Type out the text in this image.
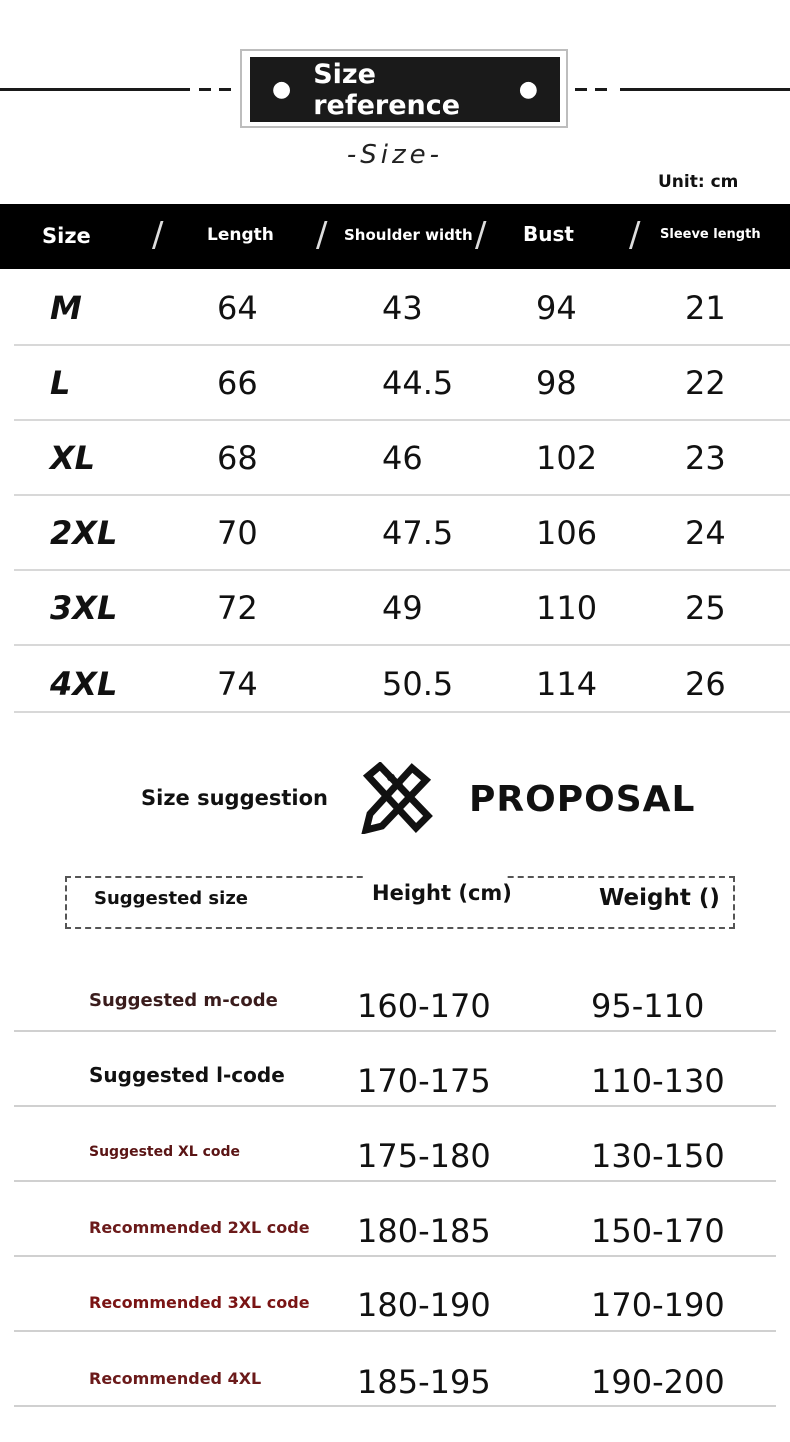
● Size reference	●
-Size-
Unit: cm
Size /	Length / Shoulder width / Bust / Sleeve length
M	64	43	94	21
L	66	44.5	98	22
XL	68	46	102	23
2XL	70	47.5	106	24
3XL	72	49	110	25
4XL	74	50.5	114	26
Size suggestion	PROPOSAL
Suggested size	Height (cm)	Weight ()
Suggested m-code 160-170	95-110
Suggested l-code 170-175	110-130
Suggested XL code	175-180	130-150
Recommended 2XL code 180-185	150-170
Recommended 3XL code 180-190	170-190
Recommended 4XL	185-195	190-200
